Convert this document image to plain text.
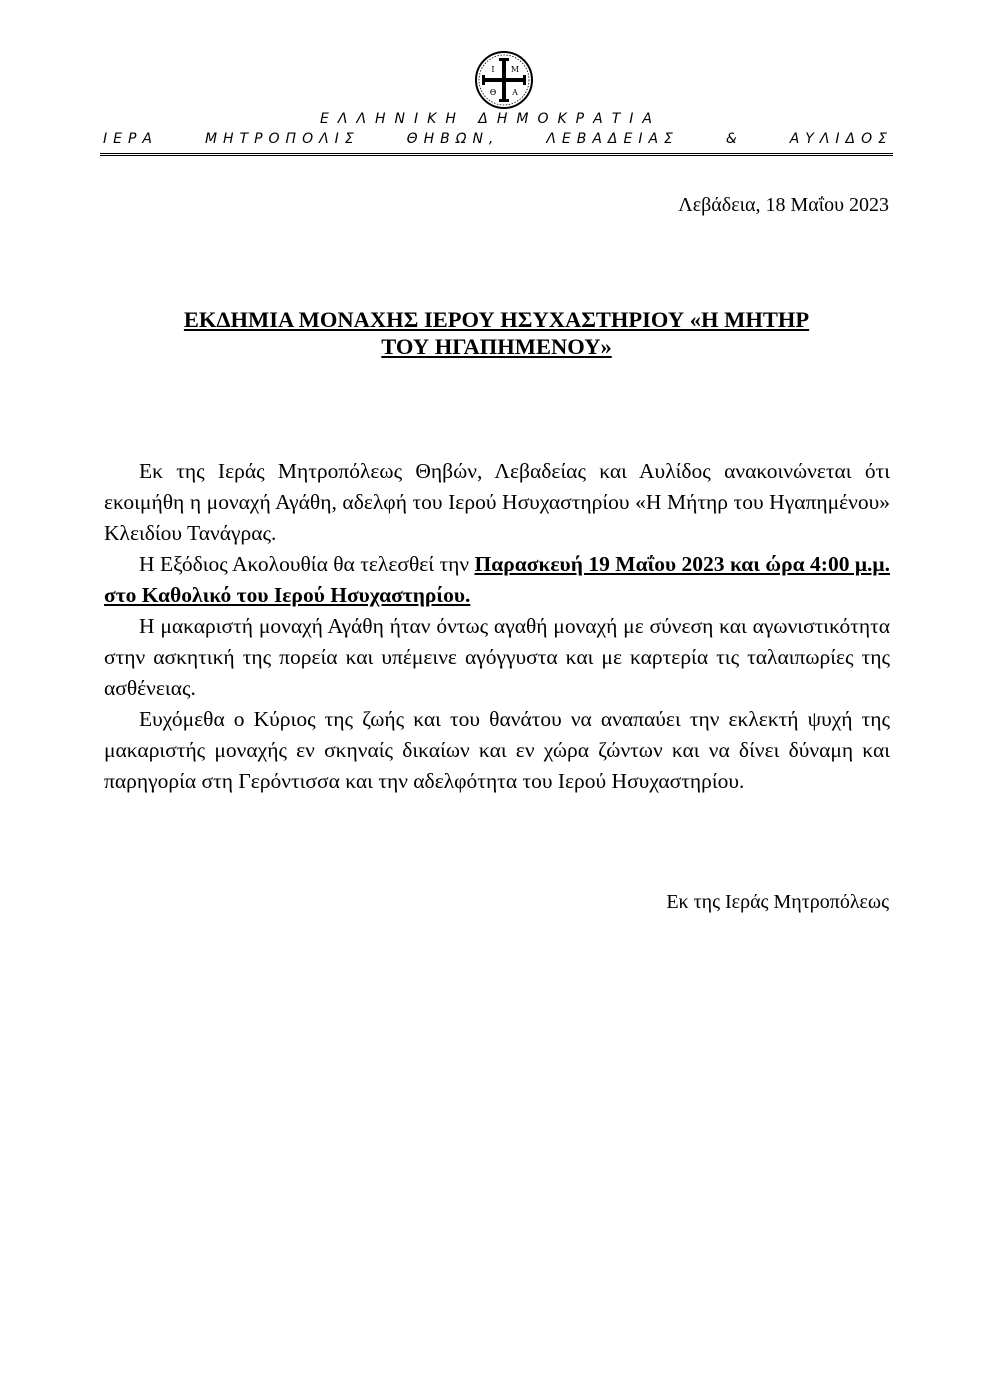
Ι Μ
Θ Α
ΕΛΛΗΝΙΚΗ ΔΗΜΟΚΡΑΤΙΑ
ΙΕΡΑ ΜΗΤΡΟΠΟΛΙΣ ΘΗΒΩΝ, ΛΕΒΑΔΕΙΑΣ & ΑΥΛΙΔΟΣ
Λεβάδεια, 18 Μαΐου 2023
ΕΚΔΗΜΙΑ ΜΟΝΑΧΗΣ ΙΕΡΟΥ ΗΣΥΧΑΣΤΗΡΙΟΥ «Η ΜΗΤΗΡ
ΤΟΥ ΗΓΑΠΗΜΕΝΟΥ»

Εκ της Ιεράς Μητροπόλεως Θηβών, Λεβαδείας και Αυλίδος ανακοινώνεται ότι εκοιμήθη η μοναχή Αγάθη, αδελφή του Ιερού Ησυχαστηρίου «Η Μήτηρ του Ηγαπημένου» Κλειδίου Τανάγρας.

Η Εξόδιος Ακολουθία θα τελεσθεί την Παρασκευή 19 Μαΐου 2023 και ώρα 4:00 μ.μ. στο Καθολικό του Ιερού Ησυχαστηρίου.

Η μακαριστή μοναχή Αγάθη ήταν όντως αγαθή μοναχή με σύνεση και αγωνιστικότητα στην ασκητική της πορεία και υπέμεινε αγόγγυστα και με καρτερία τις ταλαιπωρίες της ασθένειας.

Ευχόμεθα ο Κύριος της ζωής και του θανάτου να αναπαύει την εκλεκτή ψυχή της μακαριστής μοναχής εν σκηναίς δικαίων και εν χώρα ζώντων και να δίνει δύναμη και παρηγορία στη Γερόντισσα και την αδελφότητα του Ιερού Ησυχαστηρίου.

Εκ της Ιεράς Μητροπόλεως
